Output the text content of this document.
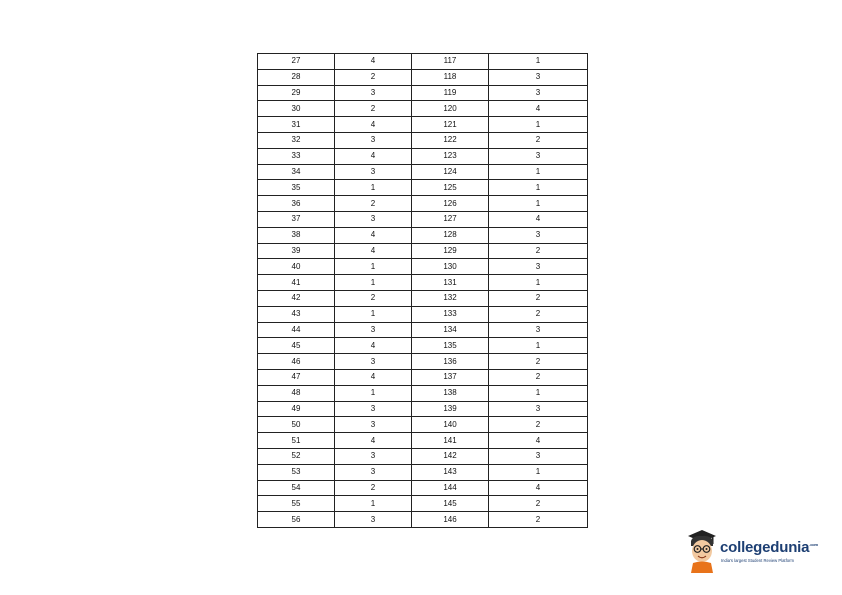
27	4	117	1
28	2	118	3
29	3	119	3
30	2	120	4
31	4	121	1
32	3	122	2
33	4	123	3
34	3	124	1
35	1	125	1
36	2	126	1
37	3	127	4
38	4	128	3
39	4	129	2
40	1	130	3
41	1	131	1
42	2	132	2
43	1	133	2
44	3	134	3
45	4	135	1
46	3	136	2
47	4	137	2
48	1	138	1
49	3	139	3
50	3	140	2
51	4	141	4
52	3	142	3
53	3	143	1
54	2	144	4
55	1	145	2
56	3	146	2
collegedunia$^{.com}$
India's largest Student Review Platform
